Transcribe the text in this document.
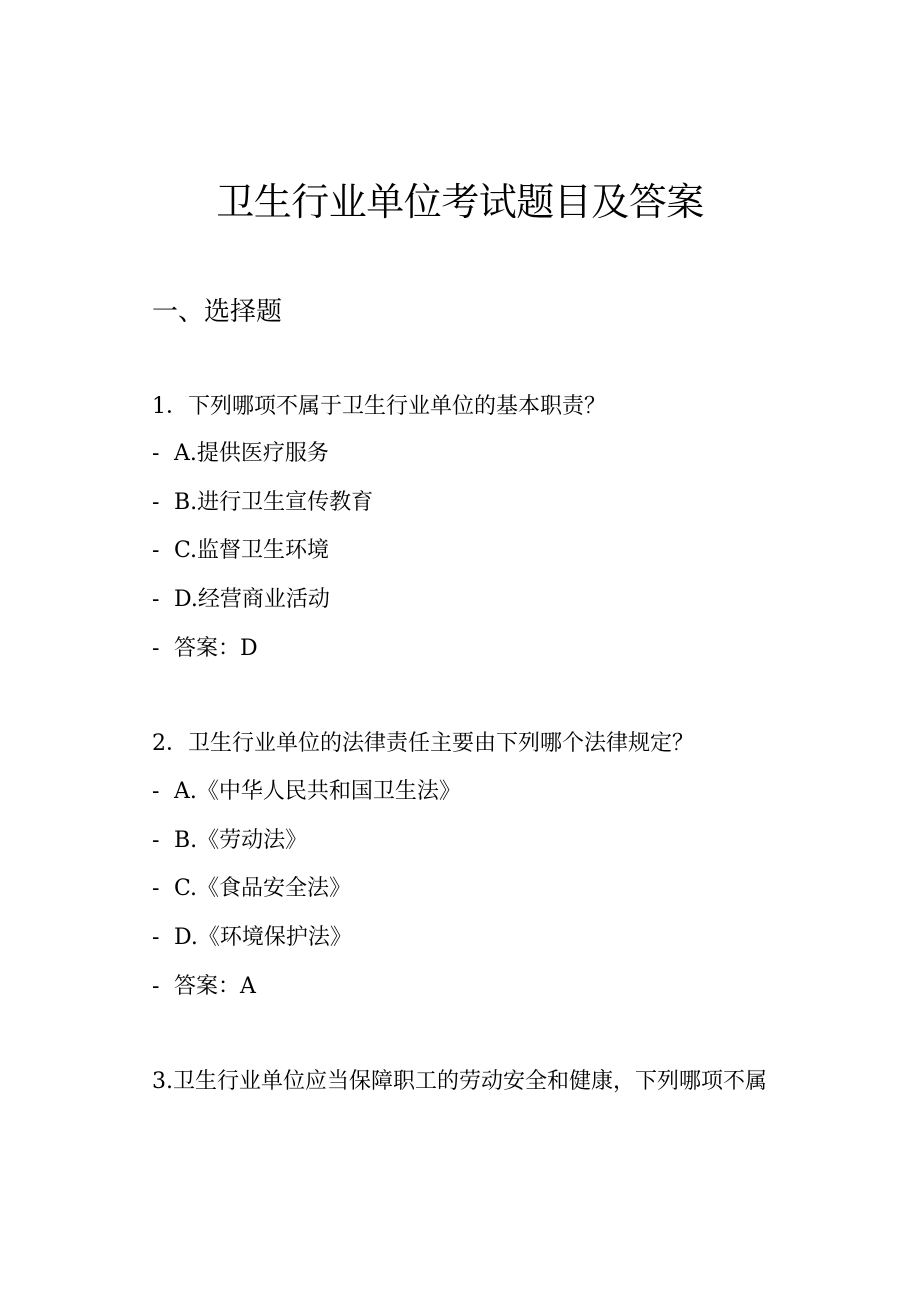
卫生行业单位考试题目及答案
一、选择题

1．下列哪项不属于卫生行业单位的基本职责？

- A.提供医疗服务

- B.进行卫生宣传教育

- C.监督卫生环境

- D.经营商业活动

- 答案：D

2．卫生行业单位的法律责任主要由下列哪个法律规定？

- A.《中华人民共和国卫生法》

- B.《劳动法》

- C.《食品安全法》

- D.《环境保护法》

- 答案：A

3.卫生行业单位应当保障职工的劳动安全和健康，下列哪项不属
